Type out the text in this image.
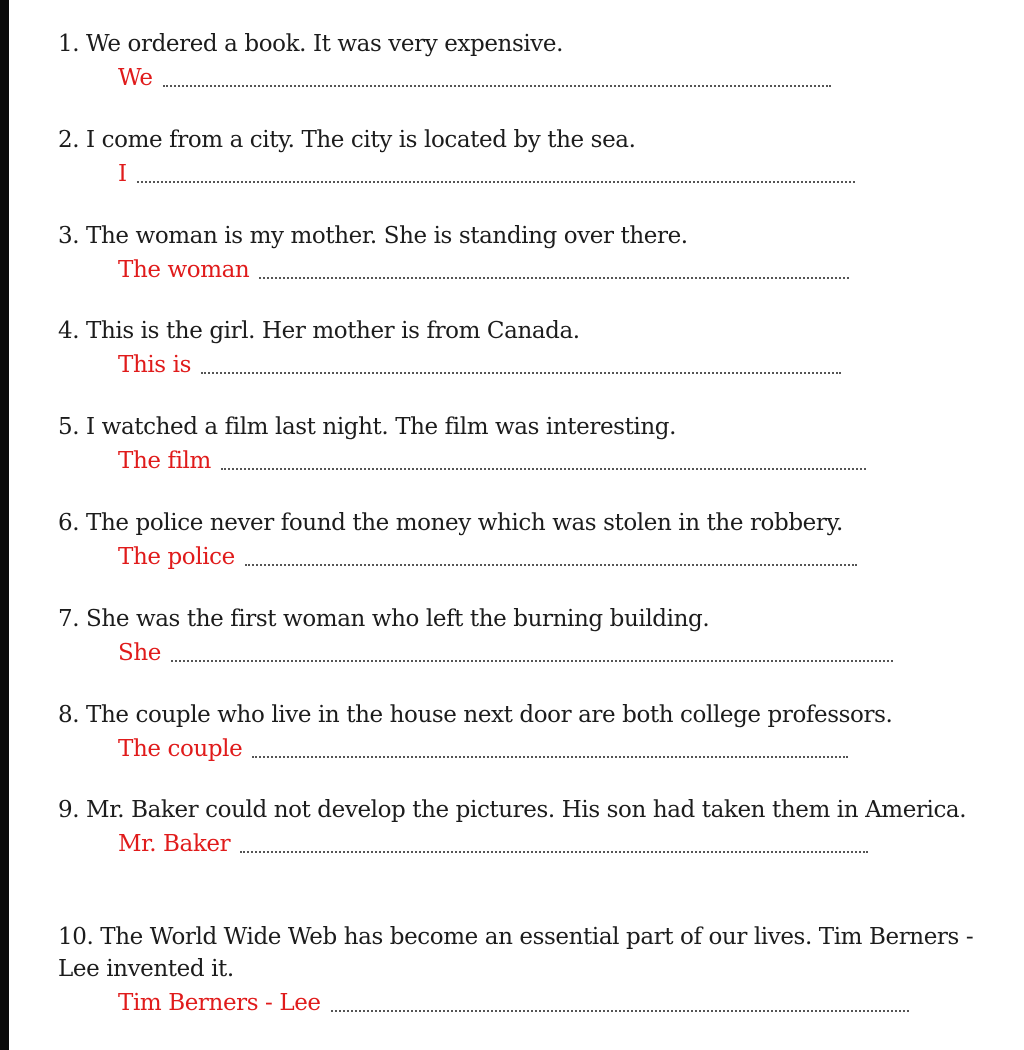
1. We ordered a book. It was very expensive.
We
2. I come from a city. The city is located by the sea.
I
3. The woman is my mother. She is standing over there.
The woman
4. This is the girl. Her mother is from Canada.
This is
5. I watched a film last night. The film was interesting.
The film
6. The police never found the money which was stolen in the robbery.
The police
7. She was the first woman who left the burning building.
She
8. The couple who live in the house next door are both college professors.
The couple
9. Mr. Baker could not develop the pictures. His son had taken them in America.
Mr. Baker
10. The World Wide Web has become an essential part of our lives. Tim Berners - Lee invented it.
Tim Berners - Lee
